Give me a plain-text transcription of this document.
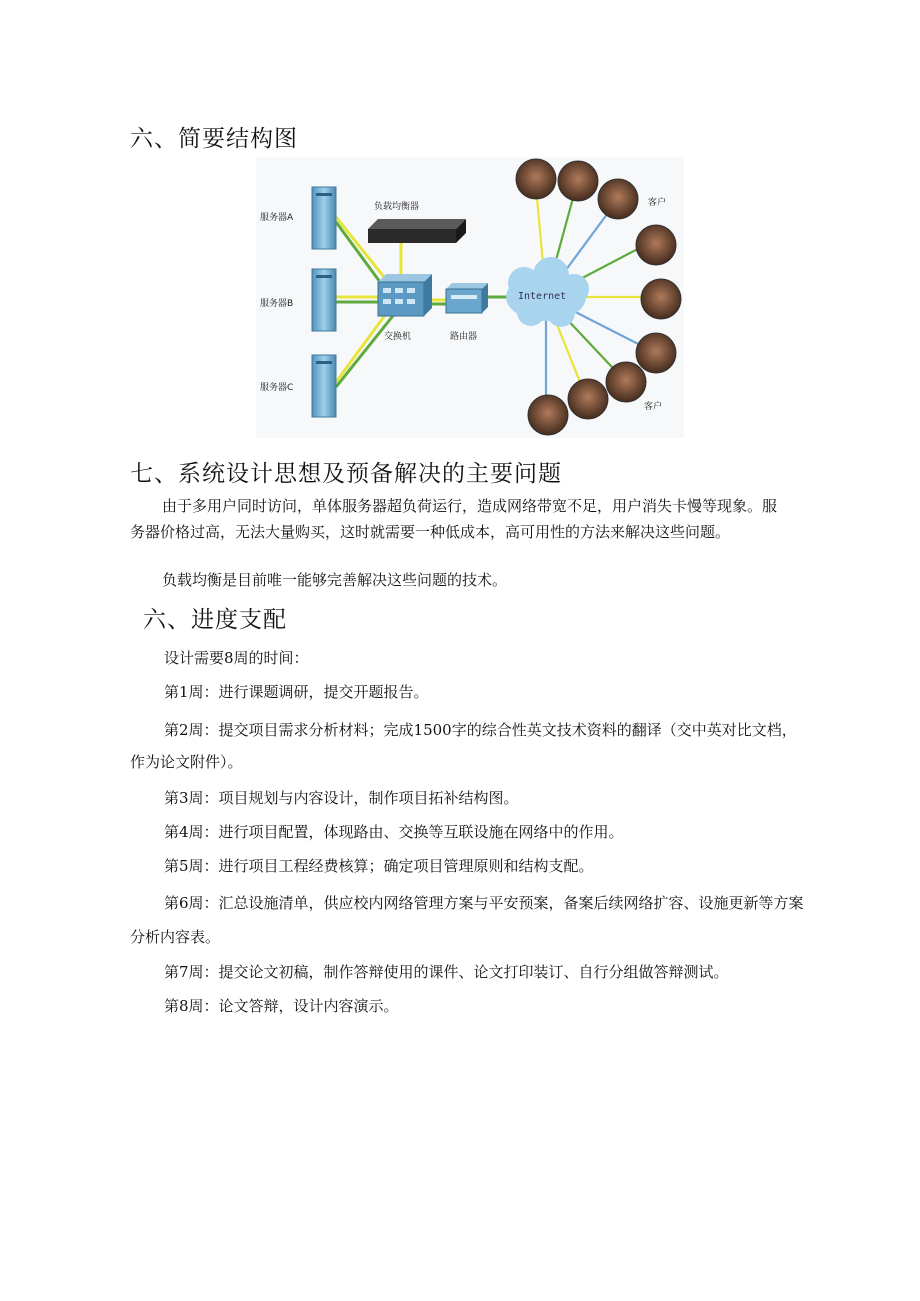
六、简要结构图
服务器A
服务器B
服务器C
负载均衡器
交换机	路由器
Internet
客户
客户
七、系统设计思想及预备解决的主要问题

由于多用户同时访问，单体服务器超负荷运行，造成网络带宽不足，用户消失卡慢等现象。服务器价格过高，无法大量购买，这时就需要一种低成本，高可用性的方法来解决这些问题。

负载均衡是目前唯一能够完善解决这些问题的技术。

六、进度支配

设计需要8周的时间：

第1周：进行课题调研，提交开题报告。

第2周：提交项目需求分析材料；完成1500字的综合性英文技术资料的翻译（交中英对比文档，作为论文附件）。

第3周：项目规划与内容设计，制作项目拓补结构图。

第4周：进行项目配置，体现路由、交换等互联设施在网络中的作用。

第5周：进行项目工程经费核算；确定项目管理原则和结构支配。

第6周：汇总设施清单，供应校内网络管理方案与平安预案，备案后续网络扩容、设施更新等方案分析内容表。

第7周：提交论文初稿，制作答辩使用的课件、论文打印装订、自行分组做答辩测试。

第8周：论文答辩，设计内容演示。
